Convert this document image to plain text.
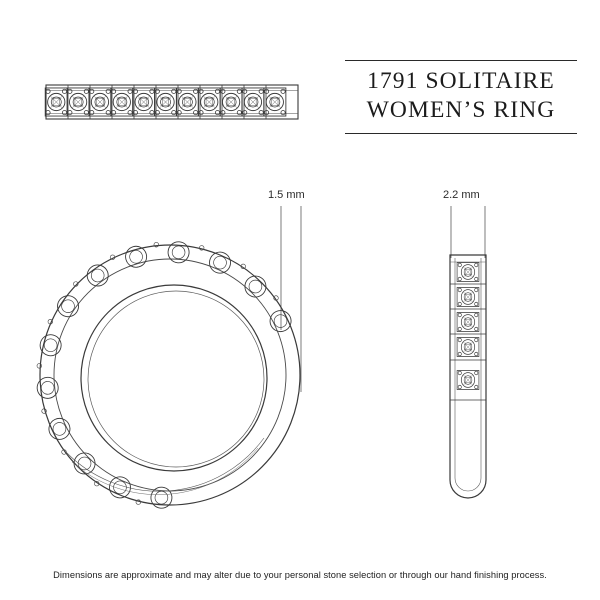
1791 SOLITAIRE
WOMEN’S RING
1.5 mm	2.2 mm
Dimensions are approximate and may alter due to your personal stone selection or through our hand finishing process.
